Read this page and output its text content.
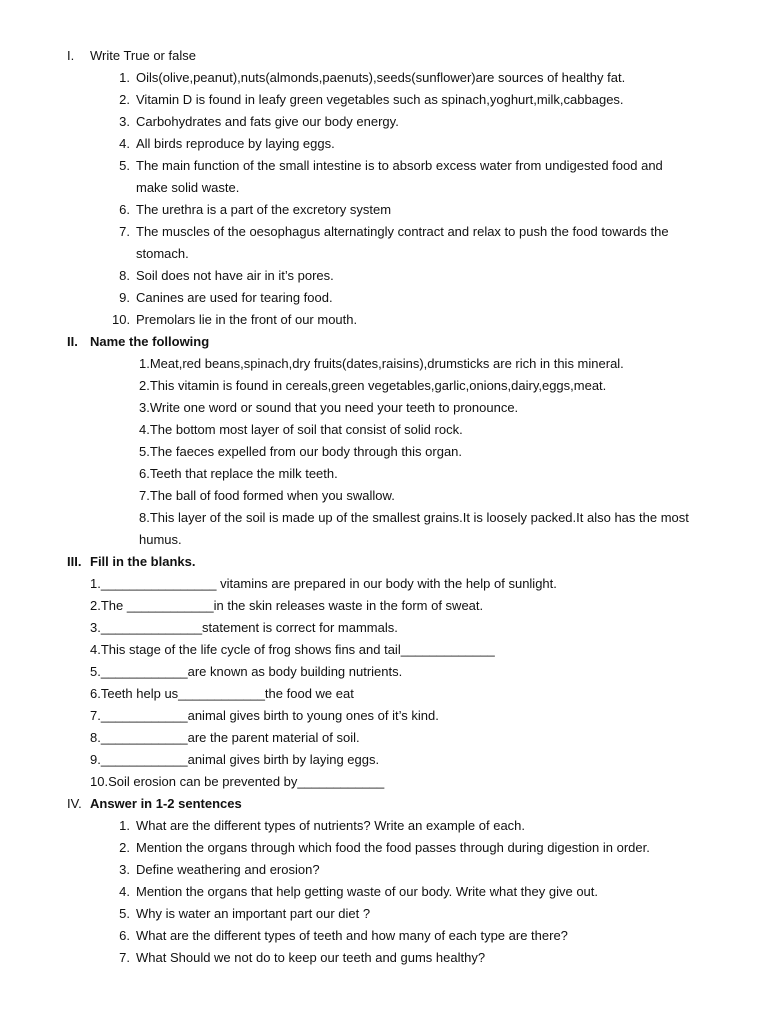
I. Write True or false
1. Oils(olive,peanut),nuts(almonds,paenuts),seeds(sunflower)are sources of healthy fat.
2. Vitamin D is found in leafy green vegetables such as spinach,yoghurt,milk,cabbages.
3. Carbohydrates and fats give our body energy.
4. All birds reproduce by laying eggs.
5. The main function of the small intestine is to absorb excess water from undigested food and
make solid waste.
6. The urethra is a part of the excretory system
7. The muscles of the oesophagus alternatingly contract and relax to push the food towards the
stomach.
8. Soil does not have air in it’s pores.
9. Canines are used for tearing food.
10. Premolars lie in the front of our mouth.
II. Name the following
1.Meat,red beans,spinach,dry fruits(dates,raisins),drumsticks are rich in this mineral.
2.This vitamin is found in cereals,green vegetables,garlic,onions,dairy,eggs,meat.
3.Write one word or sound that you need your teeth to pronounce.
4.The bottom most layer of soil that consist of solid rock.
5.The faeces expelled from our body through this organ.
6.Teeth that replace the milk teeth.
7.The ball of food formed when you swallow.
8.This layer of the soil is made up of the smallest grains.It is loosely packed.It also has the most
humus.
III. Fill in the blanks.
1.________________ vitamins are prepared in our body with the help of sunlight.
2.The ____________in the skin releases waste in the form of sweat.
3.______________statement is correct for mammals.
4.This stage of the life cycle of frog shows fins and tail_____________
5.____________are known as body building nutrients.
6.Teeth help us____________the food we eat
7.____________animal gives birth to young ones of it’s kind.
8.____________are the parent material of soil.
9.____________animal gives birth by laying eggs.
10.Soil erosion can be prevented by____________
IV. Answer in 1-2 sentences
1. What are the different types of nutrients? Write an example of each.
2. Mention the organs through which food the food passes through during digestion in order.
3. Define weathering and erosion?
4. Mention the organs that help getting waste of our body. Write what they give out.
5. Why is water an important part our diet ?
6. What are the different types of teeth and how many of each type are there?
7. What Should we not do to keep our teeth and gums healthy?
